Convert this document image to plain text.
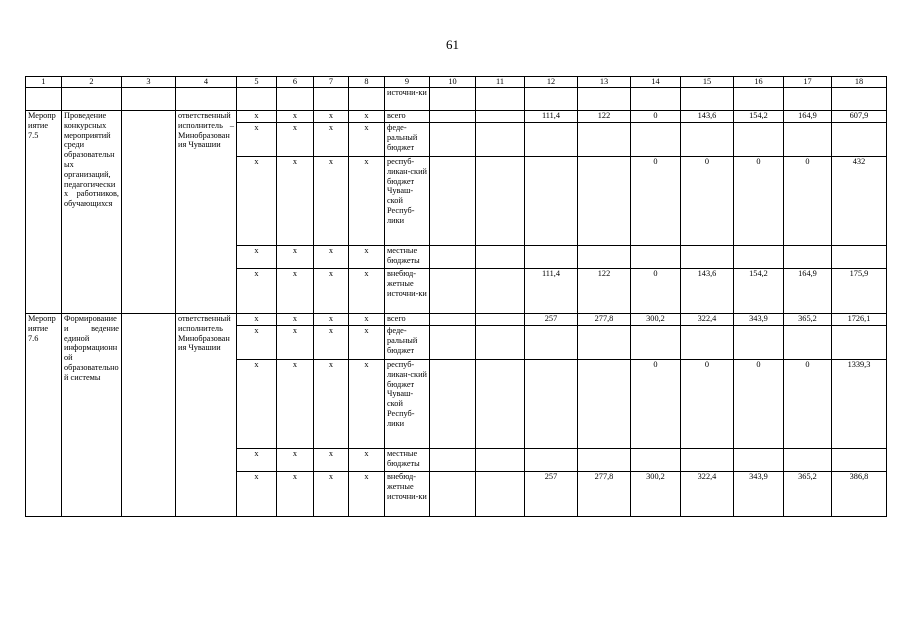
61
1	2	3	4	5	6	7	8	9	10	11	12	13	14	15	16	17	18
								источни-ки									
Мероприятие 7.5	Проведение конкурсных мероприятий среди образовательных организаций, педагогических работников, обучающихся		ответственный исполнитель – Минобразования Чувашии	x	x	x	x	всего			111,4	122	0	143,6	154,2	164,9	607,9
				x	x	x	x	феде-ральный бюджет									
				x	x	x	x	респуб-ликан-ский бюджет Чуваш-ской Респуб-лики					0	0	0	0	432
				x	x	x	x	местные бюджеты									
				x	x	x	x	внебюд-жетные источни-ки			111,4	122	0	143,6	154,2	164,9	175,9
Мероприятие 7.6	Формирование и ведение единой информационной образовательной системы		ответственный исполнитель Минобразования Чувашии	x	x	x	x	всего			257	277,8	300,2	322,4	343,9	365,2	1726,1
				x	x	x	x	феде-ральный бюджет									
				x	x	x	x	респуб-ликан-ский бюджет Чуваш-ской Респуб-лики					0	0	0	0	1339,3
				x	x	x	x	местные бюджеты									
				x	x	x	x	внебюд-жетные источни-ки			257	277,8	300,2	322,4	343,9	365,2	386,8
